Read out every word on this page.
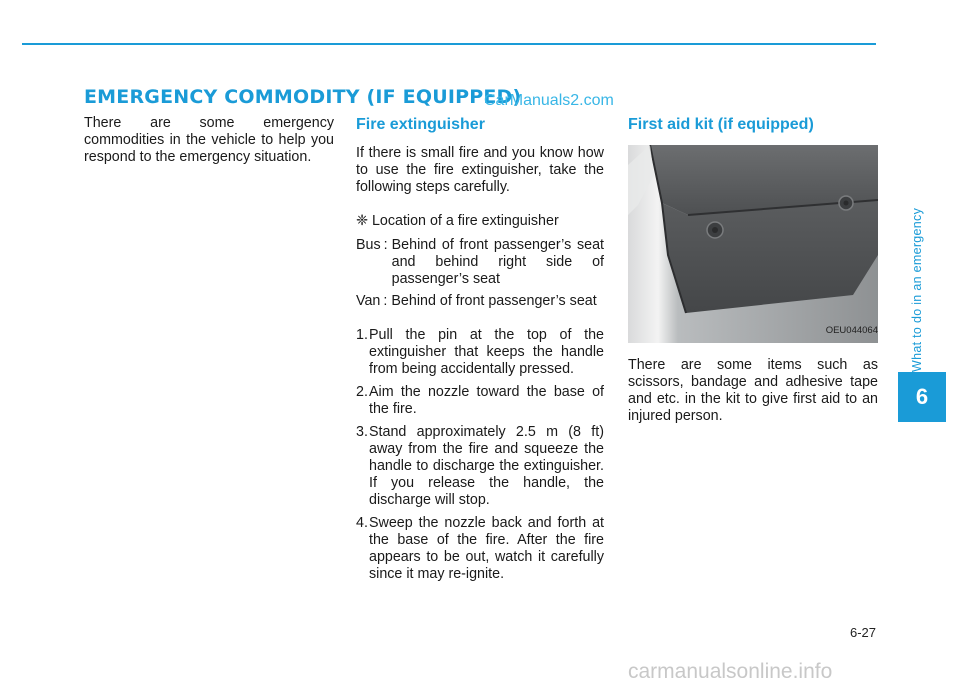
EMERGENCY COMMODITY (IF EQUIPPED)
CarManuals2.com

There are some emergency commodities in the vehicle to help you respond to the emergency situation.

Fire extinguisher

If there is small fire and you know how to use the fire extinguisher, take the following steps carefully.

❈ Location of a fire extinguisher

Bus : Behind of front passenger’s seat and behind right side of passenger’s seat
Van : Behind of front passenger’s seat
1. Pull the pin at the top of the extinguisher that keeps the handle from being accidentally pressed.
2. Aim the nozzle toward the base of the fire.
3. Stand approximately 2.5 m (8 ft) away from the fire and squeeze the handle to discharge the extinguisher. If you release the handle, the discharge will stop.
4. Sweep the nozzle back and forth at the base of the fire. After the fire appears to be out, watch it carefully since it may re-ignite.
First aid kit (if equipped)
OEU044064

There are some items such as scissors, bandage and adhesive tape and etc. in the kit to give first aid to an injured person.

What to do in an emergency
6
6-27
carmanualsonline.info
